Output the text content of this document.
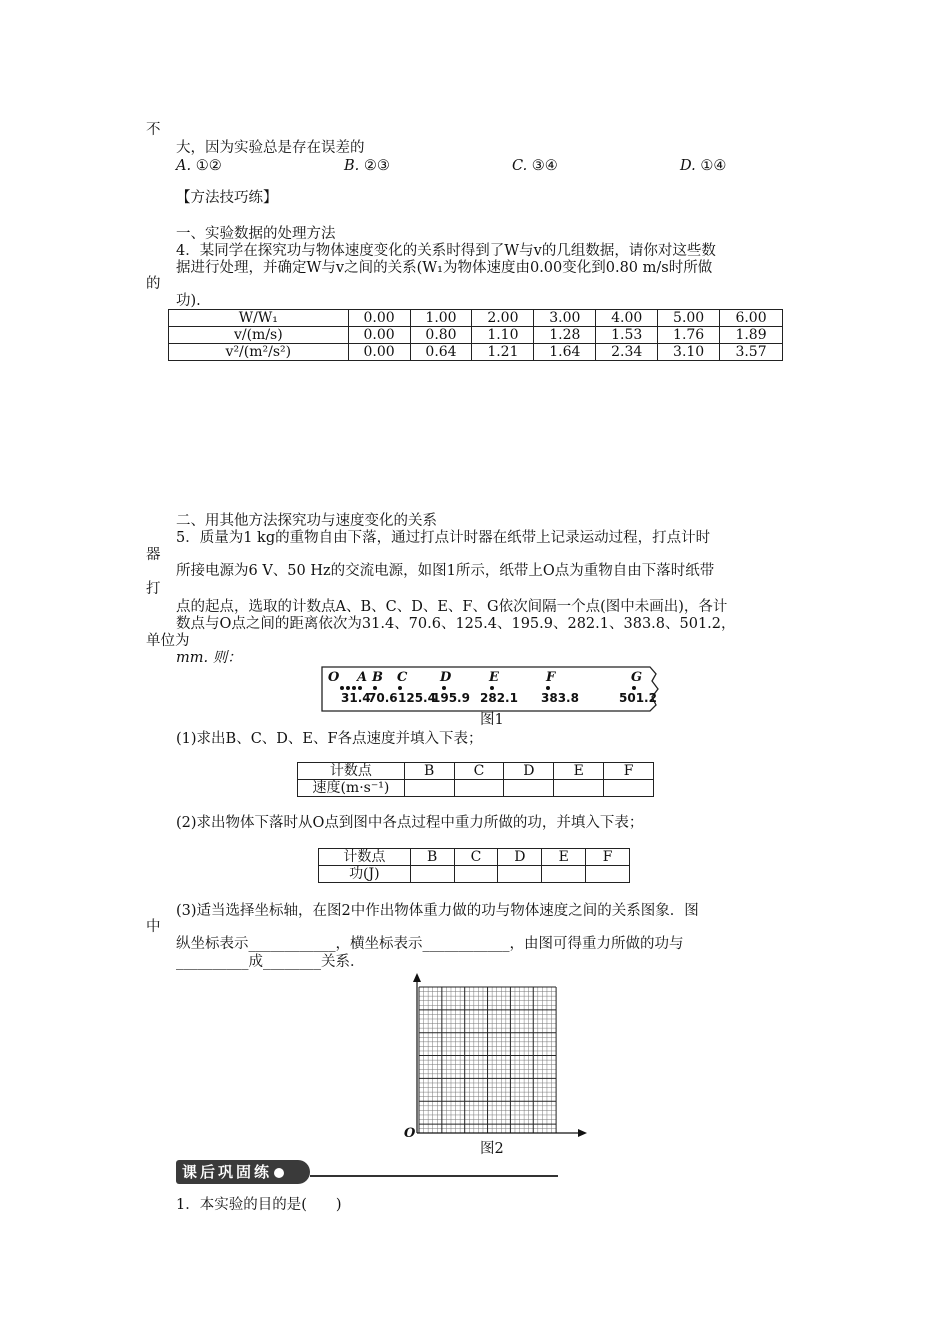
不
大，因为实验总是存在误差的
A. ①②	B. ②③	C. ③④	D. ①④
【方法技巧练】
一、实验数据的处理方法
4．某同学在探究功与物体速度变化的关系时得到了W与v的几组数据，请你对这些数
据进行处理，并确定W与v之间的关系(W₁为物体速度由0.00变化到0.80 m/s时所做
的
功).
W/W₁	0.00	1.00	2.00	3.00	4.00	5.00	6.00
v/(m/s)	0.00	0.80	1.10	1.28	1.53	1.76	1.89
v²/(m²/s²)	0.00	0.64	1.21	1.64	2.34	3.10	3.57
二、用其他方法探究功与速度变化的关系
5．质量为1 kg的重物自由下落，通过打点计时器在纸带上记录运动过程，打点计时
器
所接电源为6 V、50 Hz的交流电源，如图1所示，纸带上O点为重物自由下落时纸带
打
点的起点，选取的计数点A、B、C、D、E、F、G依次间隔一个点(图中未画出)，各计
数点与O点之间的距离依次为31.4、70.6、125.4、195.9、282.1、383.8、501.2，
单位为
mm. 则：
O A B C	D	E	F	G
31.4
70.6 125.4
195.9 282.1 383.8	501.2
图1
(1)求出B、C、D、E、F各点速度并填入下表；
计数点	B	C	D	E	F
速度(m·s⁻¹)					
(2)求出物体下落时从O点到图中各点过程中重力所做的功，并填入下表；
计数点	B	C	D	E	F
功(J)					
(3)适当选择坐标轴，在图2中作出物体重力做的功与物体速度之间的关系图象．图
中
纵坐标表示____________，横坐标表示____________，由图可得重力所做的功与
__________成________关系．
O
图2
课后巩固练
1．本实验的目的是(　　)
